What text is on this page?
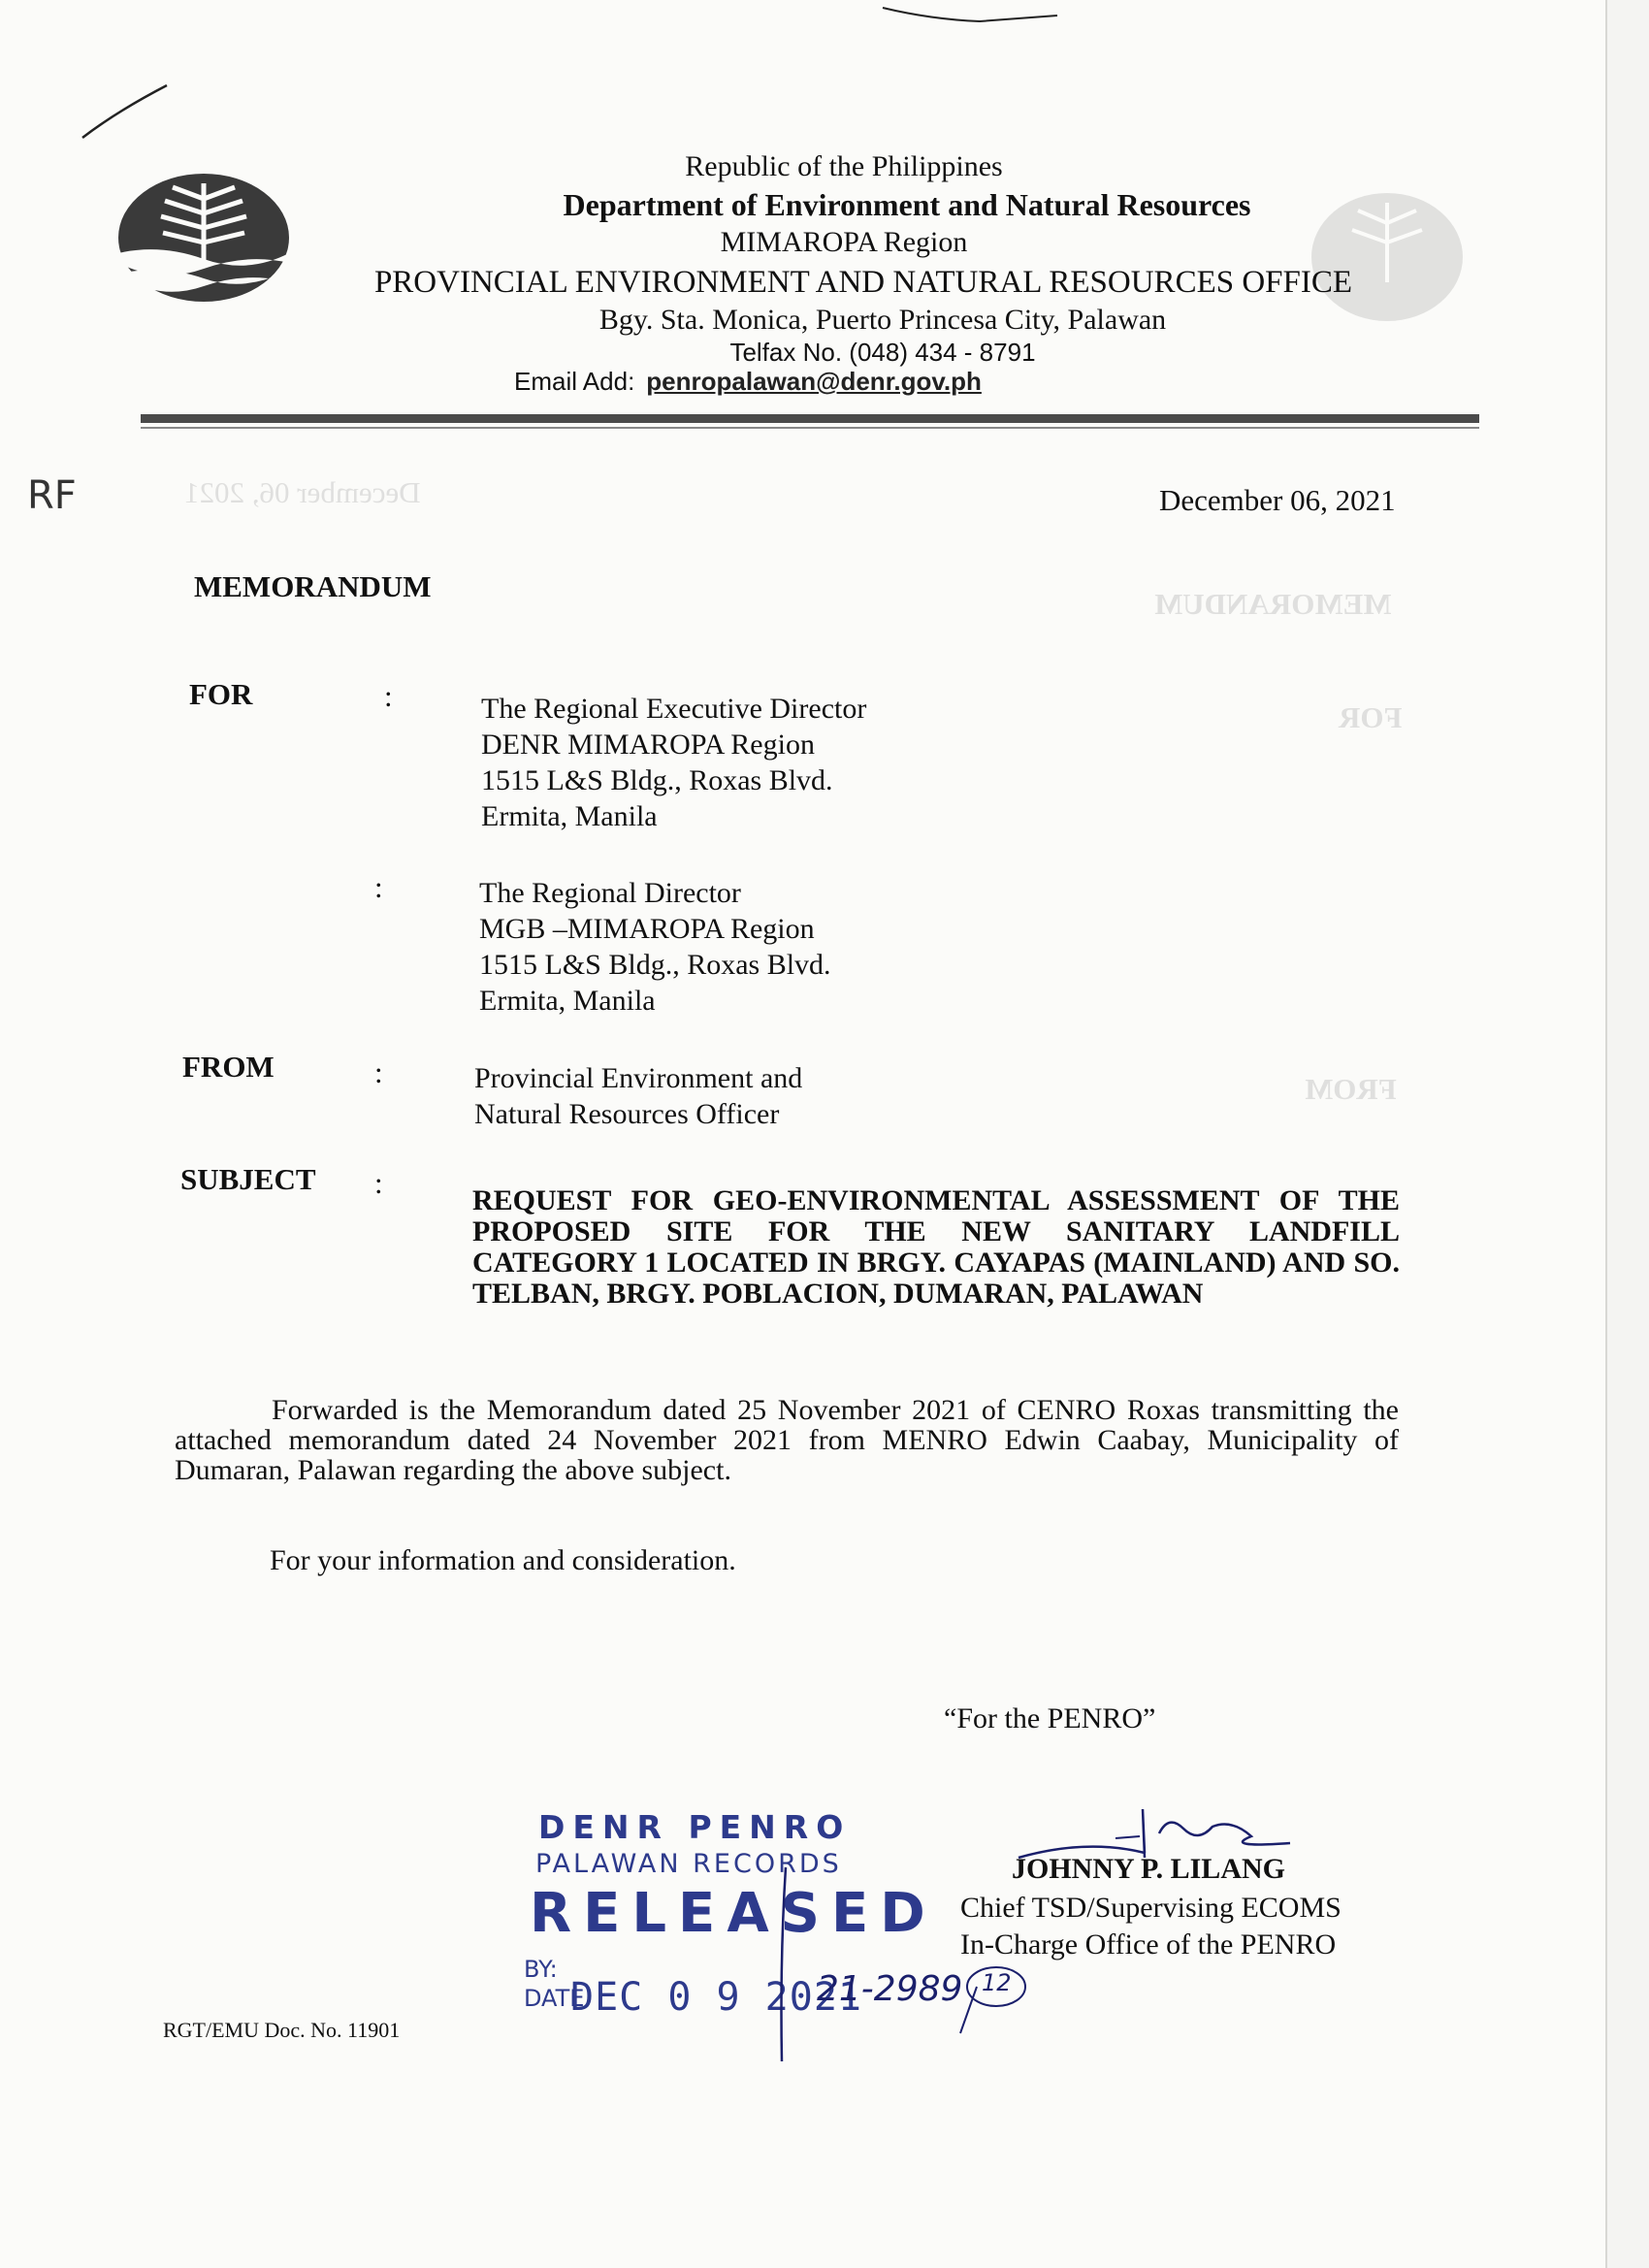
December 06, 2021
MEMORANDUM
FOR
FROM
Republic of the Philippines
Department of Environment and Natural Resources
MIMAROPA Region
PROVINCIAL ENVIRONMENT AND NATURAL RESOURCES OFFICE
Bgy. Sta. Monica, Puerto Princesa City, Palawan
Telfax No. (048) 434 - 8791
Email Add: penropalawan@denr.gov.ph
RF	December 06, 2021
MEMORANDUM
FOR	:	The Regional Executive Director
DENR MIMAROPA Region
1515 L&S Bldg., Roxas Blvd.
Ermita, Manila
:	The Regional Director
MGB –MIMAROPA Region
1515 L&S Bldg., Roxas Blvd.
Ermita, Manila
FROM	:	Provincial Environment and
Natural Resources Officer
SUBJECT :
REQUEST FOR GEO-ENVIRONMENTAL ASSESSMENT OF THE PROPOSED SITE FOR THE NEW SANITARY LANDFILL CATEGORY 1 LOCATED IN BRGY. CAYAPAS (MAINLAND) AND SO. TELBAN, BRGY. POBLACION, DUMARAN, PALAWAN

Forwarded is the Memorandum dated 25 November 2021 of CENRO Roxas transmitting the attached memorandum dated 24 November 2021 from MENRO Edwin Caabay, Municipality of Dumaran, Palawan regarding the above subject.

For your information and consideration.
“For the PENRO”
JOHNNY P. LILANG
Chief TSD/Supervising ECOMS
In-Charge Office of the PENRO
DENR PENRO
PALAWAN RECORDS
RELEASED
BY:
DATE
DEC 0 9 2021
21-2989 12
RGT/EMU Doc. No. 11901
